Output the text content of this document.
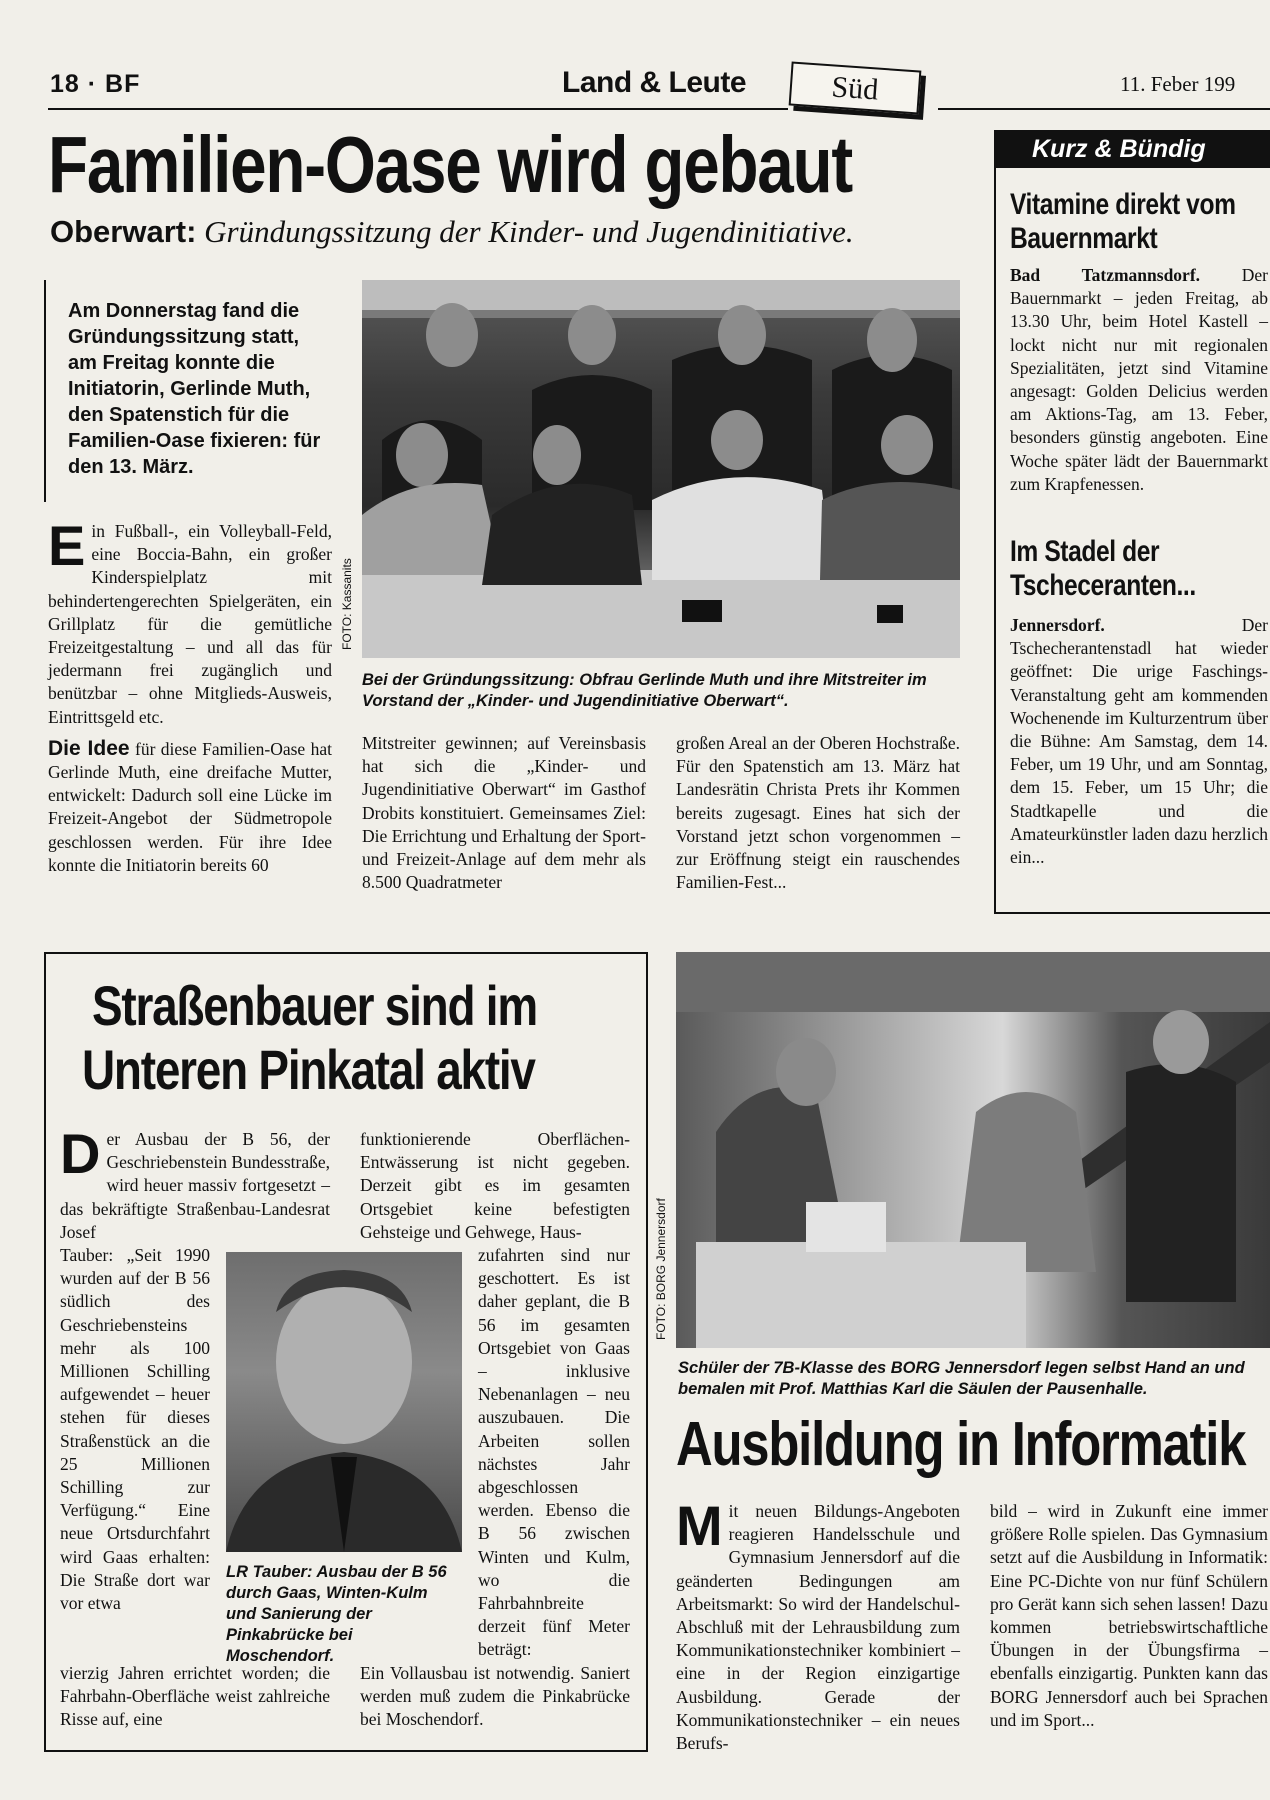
18 · BF	Land & Leute	Süd	11. Feber 199
Familien-Oase wird gebaut
Oberwart: Gründungssitzung der Kinder- und Jugendinitiative.
Am Donnerstag fand die Gründungssitzung statt, am Freitag konnte die Initiatorin, Gerlinde Muth, den Spatenstich für die Familien-Oase fixieren: für den 13. März.
Ein Fußball-, ein Volleyball-Feld, eine Boccia-Bahn, ein großer Kinderspielplatz mit behindertengerechten Spielgeräten, ein Grillplatz für die gemütliche Freizeitgestaltung – und all das für jedermann frei zugänglich und benützbar – ohne Mitglieds-Ausweis, Eintrittsgeld etc.
Die Idee für diese Familien-Oase hat Gerlinde Muth, eine dreifache Mutter, entwickelt: Dadurch soll eine Lücke im Freizeit-Angebot der Südmetropole geschlossen werden. Für ihre Idee konnte die Initiatorin bereits 60
FOTO: Kassanits
Bei der Gründungssitzung: Obfrau Gerlinde Muth und ihre Mitstreiter im Vorstand der „Kinder- und Jugendinitiative Oberwart“.
Mitstreiter gewinnen; auf Vereinsbasis hat sich die „Kinder- und Jugendinitiative Oberwart“ im Gasthof Drobits konstituiert. Gemeinsames Ziel: Die Errichtung und Erhaltung der Sport- und Freizeit-Anlage auf dem mehr als 8.500 Quadratmeter
großen Areal an der Oberen Hochstraße. Für den Spatenstich am 13. März hat Landesrätin Christa Prets ihr Kommen bereits zugesagt. Eines hat sich der Vorstand jetzt schon vorgenommen – zur Eröffnung steigt ein rauschendes Familien-Fest...
Kurz & Bündig
Vitamine direkt vom Bauernmarkt
Bad Tatzmannsdorf. Der Bauernmarkt – jeden Freitag, ab 13.30 Uhr, beim Hotel Kastell – lockt nicht nur mit regionalen Spezialitäten, jetzt sind Vitamine angesagt: Golden Delicius werden am Aktions-Tag, am 13. Feber, besonders günstig angeboten. Eine Woche später lädt der Bauernmarkt zum Krapfenessen.
Im Stadel der Tscheceranten...
Jennersdorf. Der Tschecherantenstadl hat wieder geöffnet: Die urige Faschings-Veranstaltung geht am kommenden Wochenende im Kulturzentrum über die Bühne: Am Samstag, dem 14. Feber, um 19 Uhr, und am Sonntag, dem 15. Feber, um 15 Uhr; die Stadtkapelle und die Amateurkünstler laden dazu herzlich ein...
Straßenbauer sind im
Unteren Pinkatal aktiv
Der Ausbau der B 56, der Geschriebenstein Bundesstraße, wird heuer massiv fortgesetzt – das bekräftigte Straßenbau-Landesrat Josef
Tauber: „Seit 1990 wurden auf der B 56 südlich des Geschriebensteins mehr als 100 Millionen Schilling aufgewendet – heuer stehen für dieses Straßenstück an die 25 Millionen Schilling zur Verfügung.“ Eine neue Ortsdurchfahrt wird Gaas erhalten: Die Straße dort war vor etwa
vierzig Jahren errichtet worden; die Fahrbahn-Oberfläche weist zahlreiche Risse auf, eine
funktionierende Oberflächen-Entwässerung ist nicht gegeben. Derzeit gibt es im gesamten Ortsgebiet keine befestigten Gehsteige und Gehwege, Haus-
zufahrten sind nur geschottert. Es ist daher geplant, die B 56 im gesamten Ortsgebiet von Gaas – inklusive Nebenanlagen – neu auszubauen. Die Arbeiten sollen nächstes Jahr abgeschlossen werden. Ebenso die B 56 zwischen Winten und Kulm, wo die Fahrbahnbreite derzeit fünf Meter beträgt:
Ein Vollausbau ist notwendig. Saniert werden muß zudem die Pinkabrücke bei Moschendorf.
LR Tauber: Ausbau der B 56 durch Gaas, Winten-Kulm und Sanierung der Pinkabrücke bei Moschendorf.
FOTO: BORG Jennersdorf
Schüler der 7B-Klasse des BORG Jennersdorf legen selbst Hand an und bemalen mit Prof. Matthias Karl die Säulen der Pausenhalle.
Ausbildung in Informatik
Mit neuen Bildungs-Angeboten reagieren Handelsschule und Gymnasium Jennersdorf auf die geänderten Bedingungen am Arbeitsmarkt: So wird der Handelschul-Abschluß mit der Lehrausbildung zum Kommunikationstechniker kombiniert – eine in der Region einzigartige Ausbildung. Gerade der Kommunikationstechniker – ein neues Berufs-
bild – wird in Zukunft eine immer größere Rolle spielen. Das Gymnasium setzt auf die Ausbildung in Informatik: Eine PC-Dichte von nur fünf Schülern pro Gerät kann sich sehen lassen! Dazu kommen betriebswirtschaftliche Übungen in der Übungsfirma – ebenfalls einzigartig. Punkten kann das BORG Jennersdorf auch bei Sprachen und im Sport...
